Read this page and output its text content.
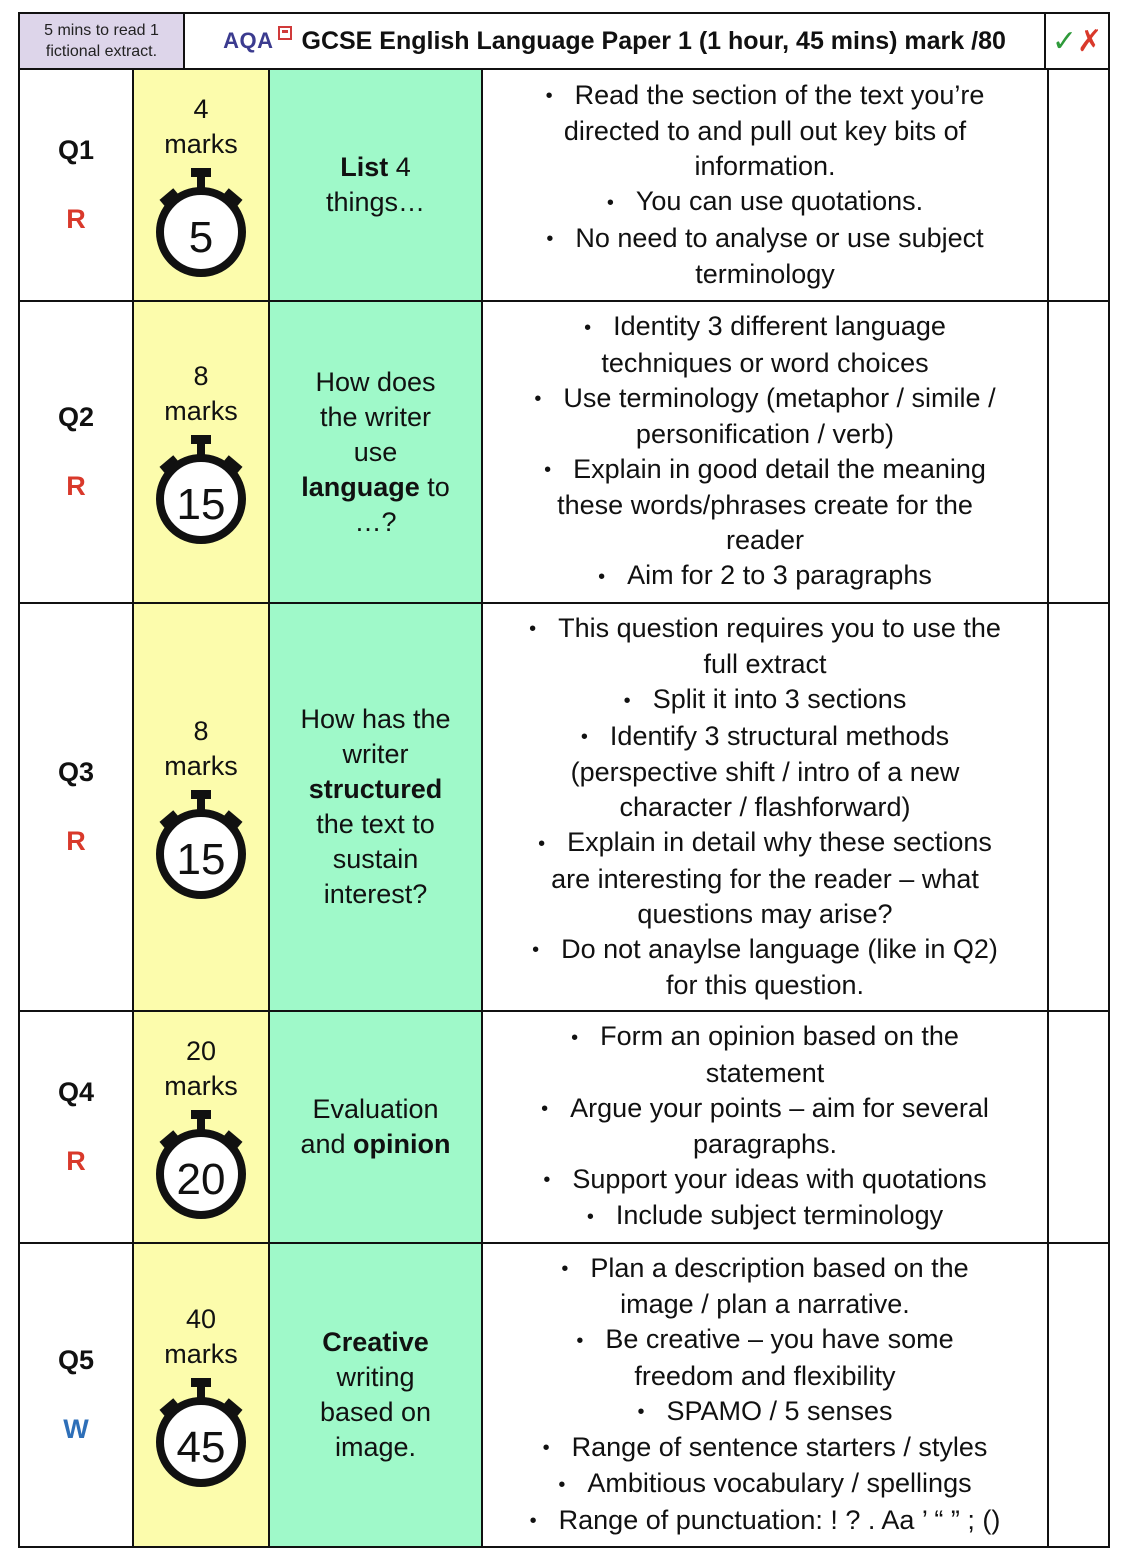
5 mins to read 1
fictional extract.	AQA GCSE English Language Paper 1 (1 hour, 45 mins) mark /80 ✓ ✗
Q1
R
4
marks
5
List 4
things…

• Read the section of the text you’re
directed to and pull out key bits of
information.

• You can use quotations.

• No need to analyse or use subject
terminology

Q2
R
8
marks
15
How does
the writer
use
language to
…?

• Identity 3 different language
techniques or word choices

• Use terminology (metaphor / simile /
personification / verb)

• Explain in good detail the meaning
these words/phrases create for the
reader

• Aim for 2 to 3 paragraphs

Q3
R
8
marks
15
How has the
writer
structured
the text to
sustain
interest?

• This question requires you to use the
full extract

• Split it into 3 sections

• Identify 3 structural methods
(perspective shift / intro of a new
character / flashforward)

• Explain in detail why these sections
are interesting for the reader – what
questions may arise?

• Do not anaylse language (like in Q2)
for this question.

Q4
R
20
marks
20
Evaluation
and opinion

• Form an opinion based on the
statement

• Argue your points – aim for several
paragraphs.

• Support your ideas with quotations

• Include subject terminology

Q5
W
40
marks
45
Creative
writing
based on
image.

• Plan a description based on the
image / plan a narrative.

• Be creative – you have some
freedom and flexibility

• SPAMO / 5 senses

• Range of sentence starters / styles

• Ambitious vocabulary / spellings

• Range of punctuation: ! ? . Aa ’ “ ” ; ()
